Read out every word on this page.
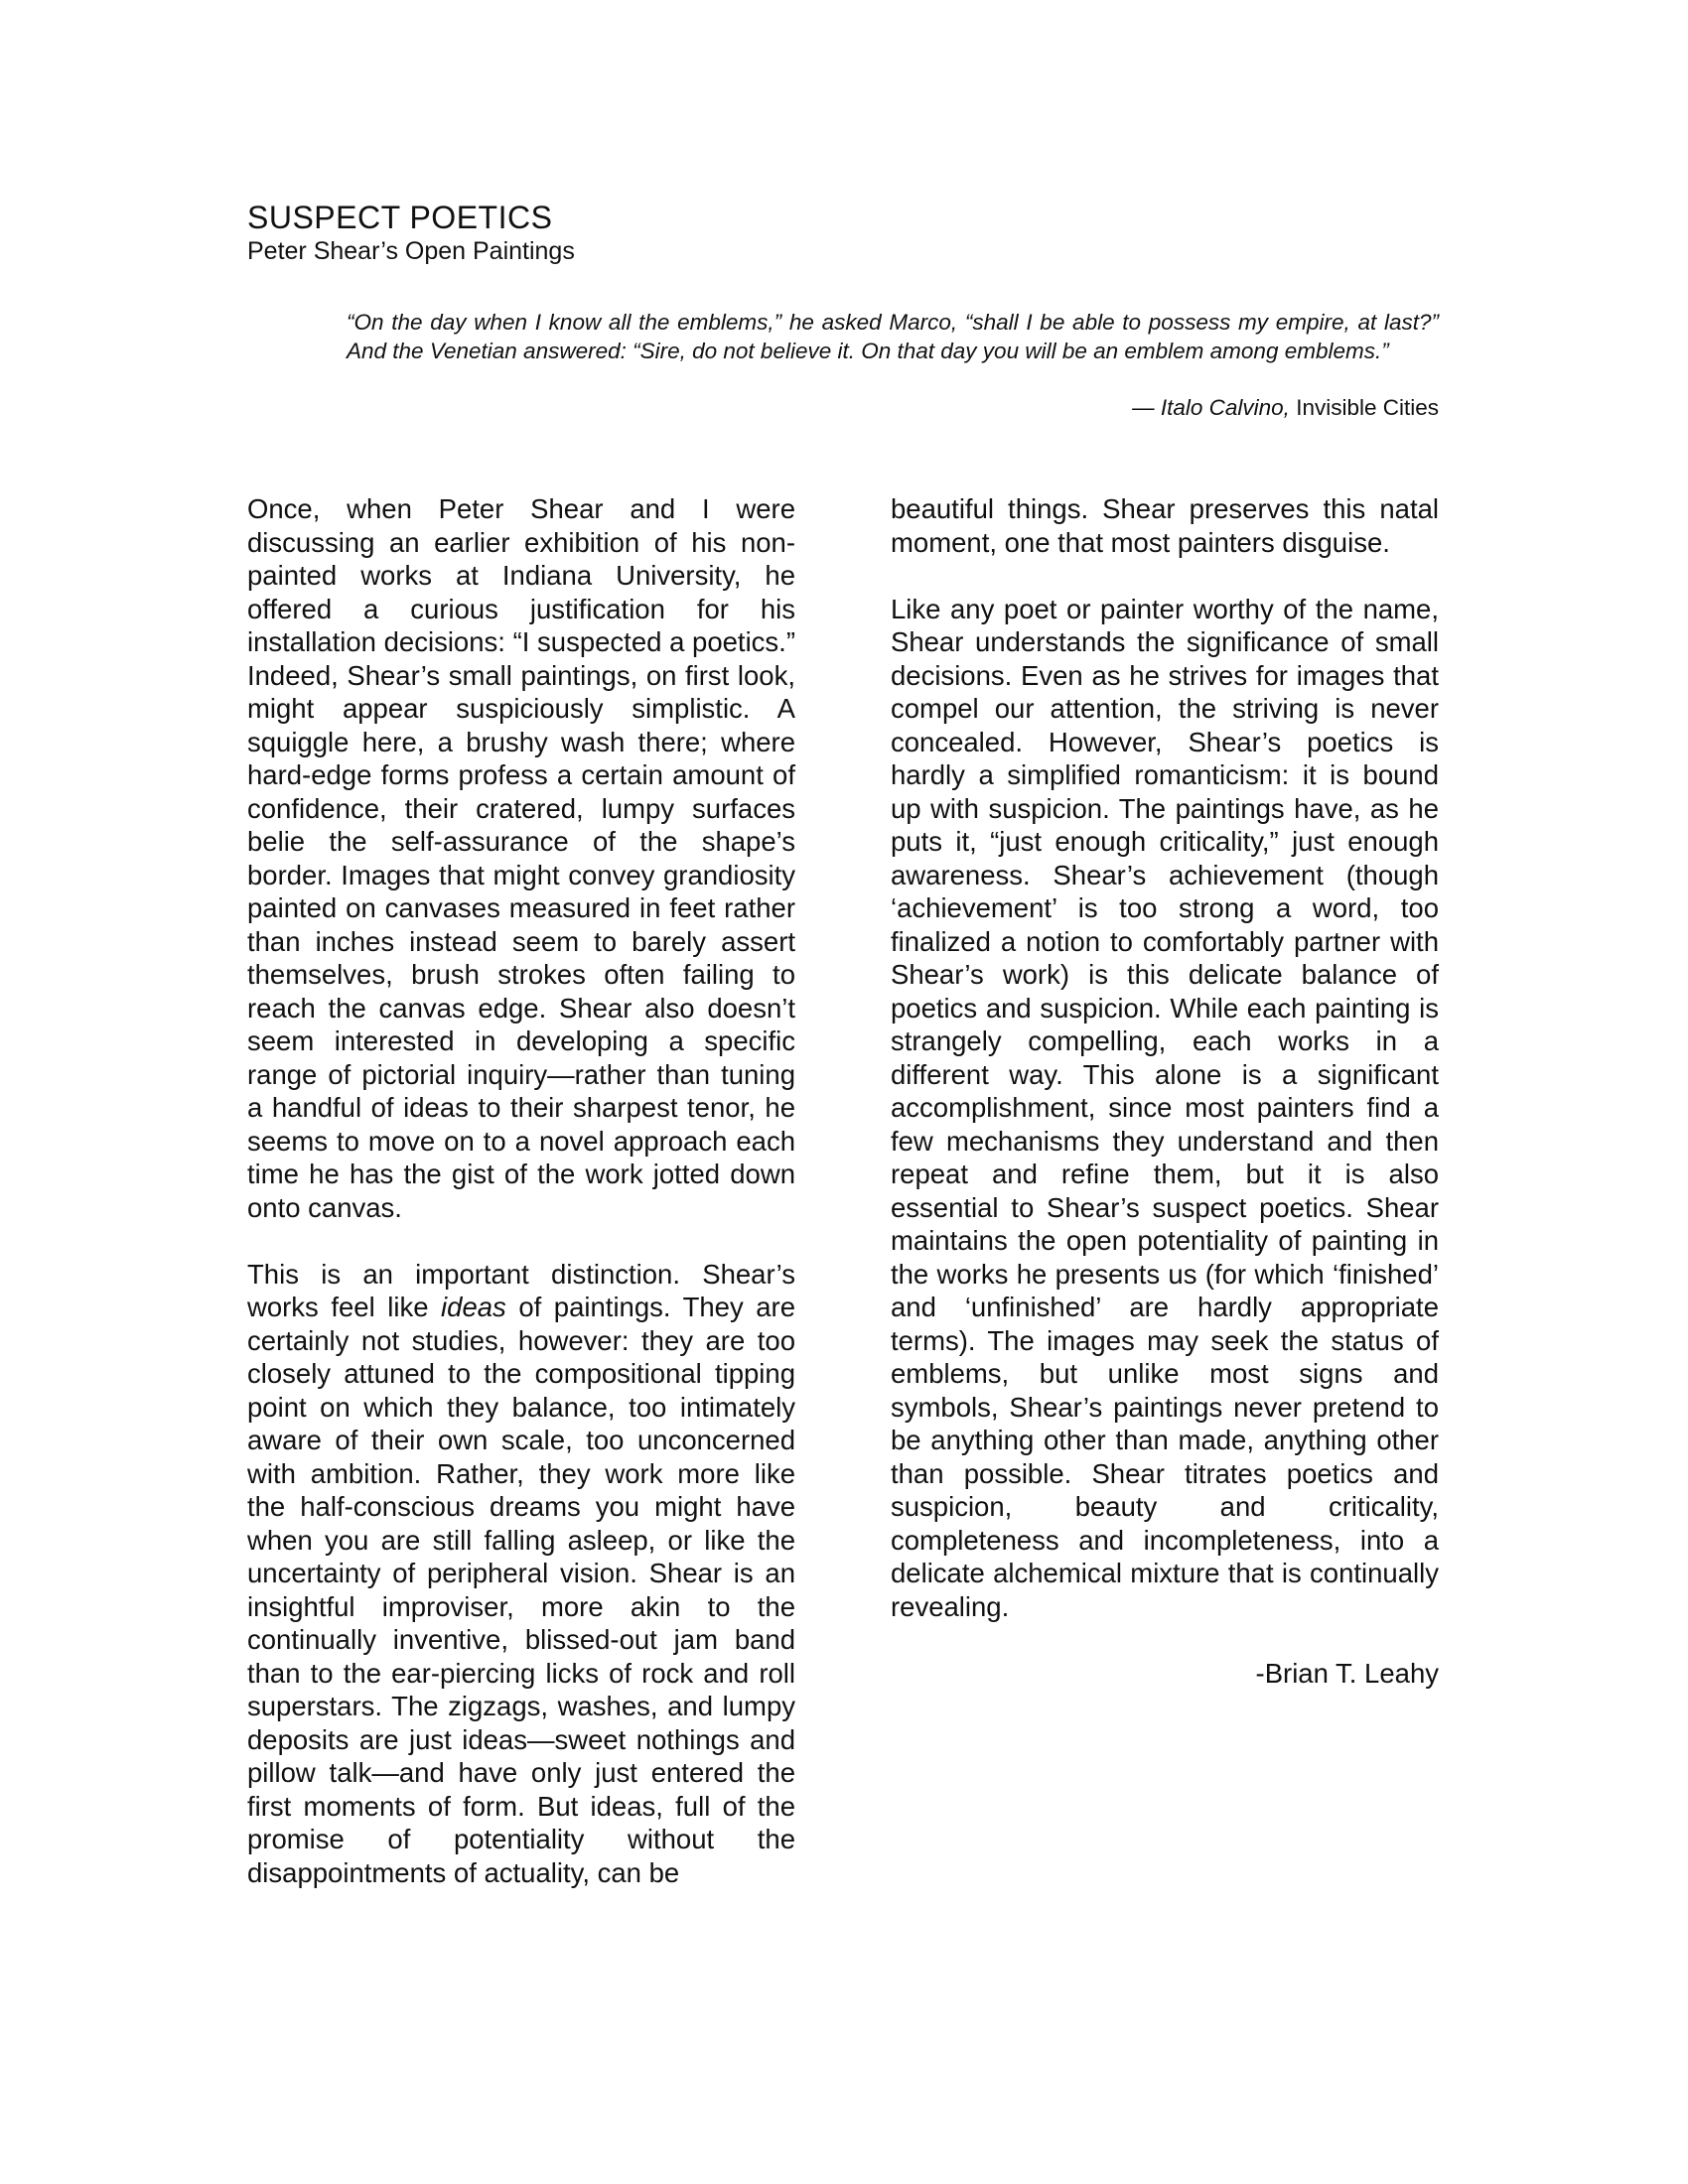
SUSPECT POETICS
Peter Shear’s Open Paintings

“On the day when I know all the emblems,” he asked Marco, “shall I be able to possess my empire, at last?” And the Venetian answered: “Sire, do not believe it. On that day you will be an emblem among emblems.”

— Italo Calvino, Invisible Cities

Once, when Peter Shear and I were discussing an earlier exhibition of his non-painted works at Indiana University, he offered a curious justification for his installation decisions: “I suspected a poetics.” Indeed, Shear’s small paintings, on first look, might appear suspiciously simplistic. A squiggle here, a brushy wash there; where hard-edge forms profess a certain amount of confidence, their cratered, lumpy surfaces belie the self-assurance of the shape’s border. Images that might convey grandiosity painted on canvases measured in feet rather than inches instead seem to barely assert themselves, brush strokes often failing to reach the canvas edge. Shear also doesn’t seem interested in developing a specific range of pictorial inquiry—rather than tuning a handful of ideas to their sharpest tenor, he seems to move on to a novel approach each time he has the gist of the work jotted down onto canvas.

This is an important distinction. Shear’s works feel like ideas of paintings. They are certainly not studies, however: they are too closely attuned to the compositional tipping point on which they balance, too intimately aware of their own scale, too unconcerned with ambition. Rather, they work more like the half-conscious dreams you might have when you are still falling asleep, or like the uncertainty of peripheral vision. Shear is an insightful improviser, more akin to the continually inventive, blissed-out jam band than to the ear-piercing licks of rock and roll superstars. The zigzags, washes, and lumpy deposits are just ideas—sweet nothings and pillow talk—and have only just entered the first moments of form. But ideas, full of the promise of potentiality without the disappointments of actuality, can be

beautiful things. Shear preserves this natal moment, one that most painters disguise.

Like any poet or painter worthy of the name, Shear understands the significance of small decisions. Even as he strives for images that compel our attention, the striving is never concealed. However, Shear’s poetics is hardly a simplified romanticism: it is bound up with suspicion. The paintings have, as he puts it, “just enough criticality,” just enough awareness. Shear’s achievement (though ‘achievement’ is too strong a word, too finalized a notion to comfortably partner with Shear’s work) is this delicate balance of poetics and suspicion. While each painting is strangely compelling, each works in a different way. This alone is a significant accomplishment, since most painters find a few mechanisms they understand and then repeat and refine them, but it is also essential to Shear’s suspect poetics. Shear maintains the open potentiality of painting in the works he presents us (for which ‘finished’ and ‘unfinished’ are hardly appropriate terms). The images may seek the status of emblems, but unlike most signs and symbols, Shear’s paintings never pretend to be anything other than made, anything other than possible. Shear titrates poetics and suspicion, beauty and criticality, completeness and incompleteness, into a delicate alchemical mixture that is continually revealing.

-Brian T. Leahy
